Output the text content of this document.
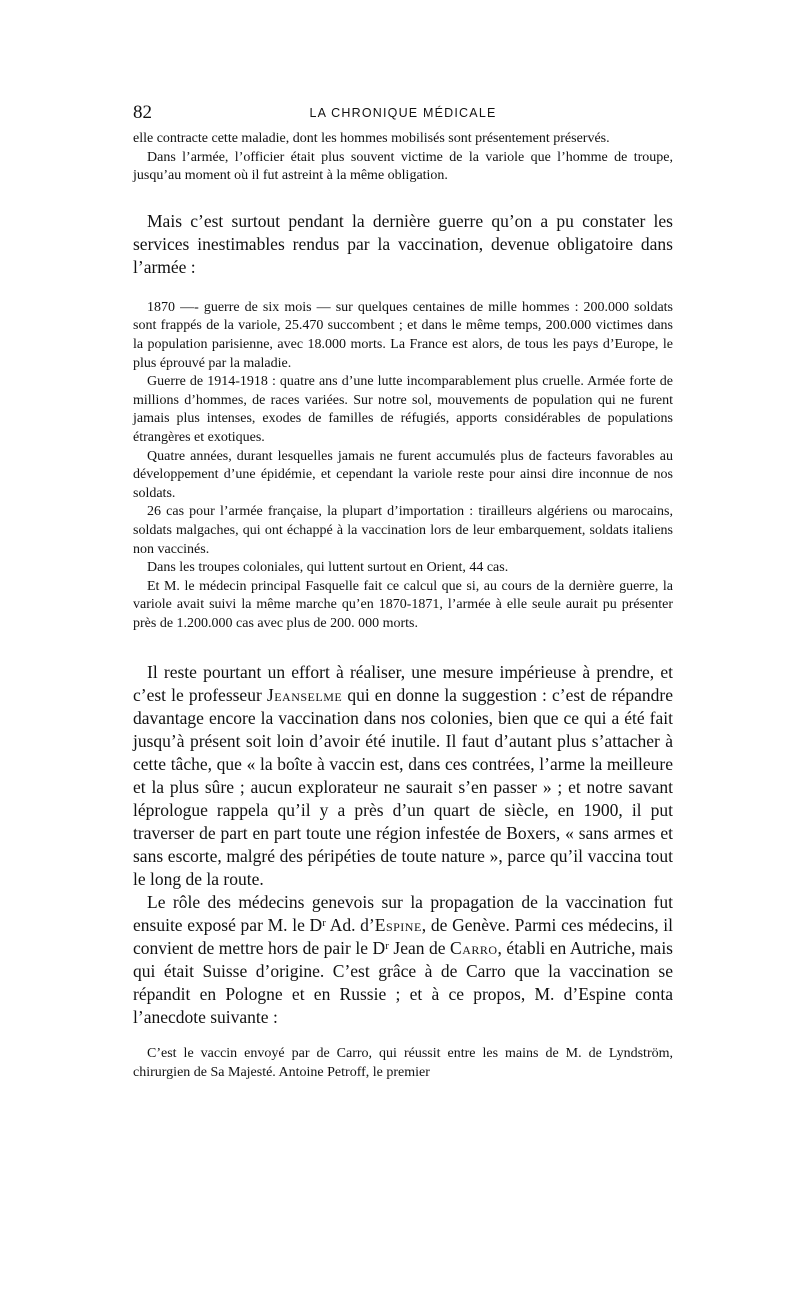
82	LA CHRONIQUE MÉDICALE

elle contracte cette maladie, dont les hommes mobilisés sont présentement préservés.

Dans l’armée, l’officier était plus souvent victime de la variole que l’homme de troupe, jusqu’au moment où il fut astreint à la même obligation.

Mais c’est surtout pendant la dernière guerre qu’on a pu constater les services inestimables rendus par la vaccination, devenue obligatoire dans l’armée :

1870 —- guerre de six mois — sur quelques centaines de mille hommes : 200.000 soldats sont frappés de la variole, 25.470 succombent ; et dans le même temps, 200.000 victimes dans la population parisienne, avec 18.000 morts. La France est alors, de tous les pays d’Europe, le plus éprouvé par la maladie.

Guerre de 1914-1918 : quatre ans d’une lutte incomparablement plus cruelle. Armée forte de millions d’hommes, de races variées. Sur notre sol, mouvements de population qui ne furent jamais plus intenses, exodes de familles de réfugiés, apports considérables de populations étrangères et exotiques.

Quatre années, durant lesquelles jamais ne furent accumulés plus de facteurs favorables au développement d’une épidémie, et cependant la variole reste pour ainsi dire inconnue de nos soldats.

26 cas pour l’armée française, la plupart d’importation : tirailleurs algériens ou marocains, soldats malgaches, qui ont échappé à la vaccination lors de leur embarquement, soldats italiens non vaccinés.

Dans les troupes coloniales, qui luttent surtout en Orient, 44 cas.

Et M. le médecin principal Fasquelle fait ce calcul que si, au cours de la dernière guerre, la variole avait suivi la même marche qu’en 1870-1871, l’armée à elle seule aurait pu présenter près de 1.200.000 cas avec plus de 200. 000 morts.

Il reste pourtant un effort à réaliser, une mesure impérieuse à prendre, et c’est le professeur Jeanselme qui en donne la suggestion : c’est de répandre davantage encore la vaccination dans nos colonies, bien que ce qui a été fait jusqu’à présent soit loin d’avoir été inutile. Il faut d’autant plus s’attacher à cette tâche, que « la boîte à vaccin est, dans ces contrées, l’arme la meilleure et la plus sûre ; aucun explorateur ne saurait s’en passer » ; et notre savant léprologue rappela qu’il y a près d’un quart de siècle, en 1900, il put traverser de part en part toute une région infestée de Boxers, « sans armes et sans escorte, malgré des péripéties de toute nature », parce qu’il vaccina tout le long de la route.

Le rôle des médecins genevois sur la propagation de la vaccination fut ensuite exposé par M. le Dʳ Ad. d’Espine, de Genève. Parmi ces médecins, il convient de mettre hors de pair le Dʳ Jean de Carro, établi en Autriche, mais qui était Suisse d’origine. C’est grâce à de Carro que la vaccination se répandit en Pologne et en Russie ; et à ce propos, M. d’Espine conta l’anecdote suivante :

C’est le vaccin envoyé par de Carro, qui réussit entre les mains de M. de Lyndström, chirurgien de Sa Majesté. Antoine Petroff, le premier
